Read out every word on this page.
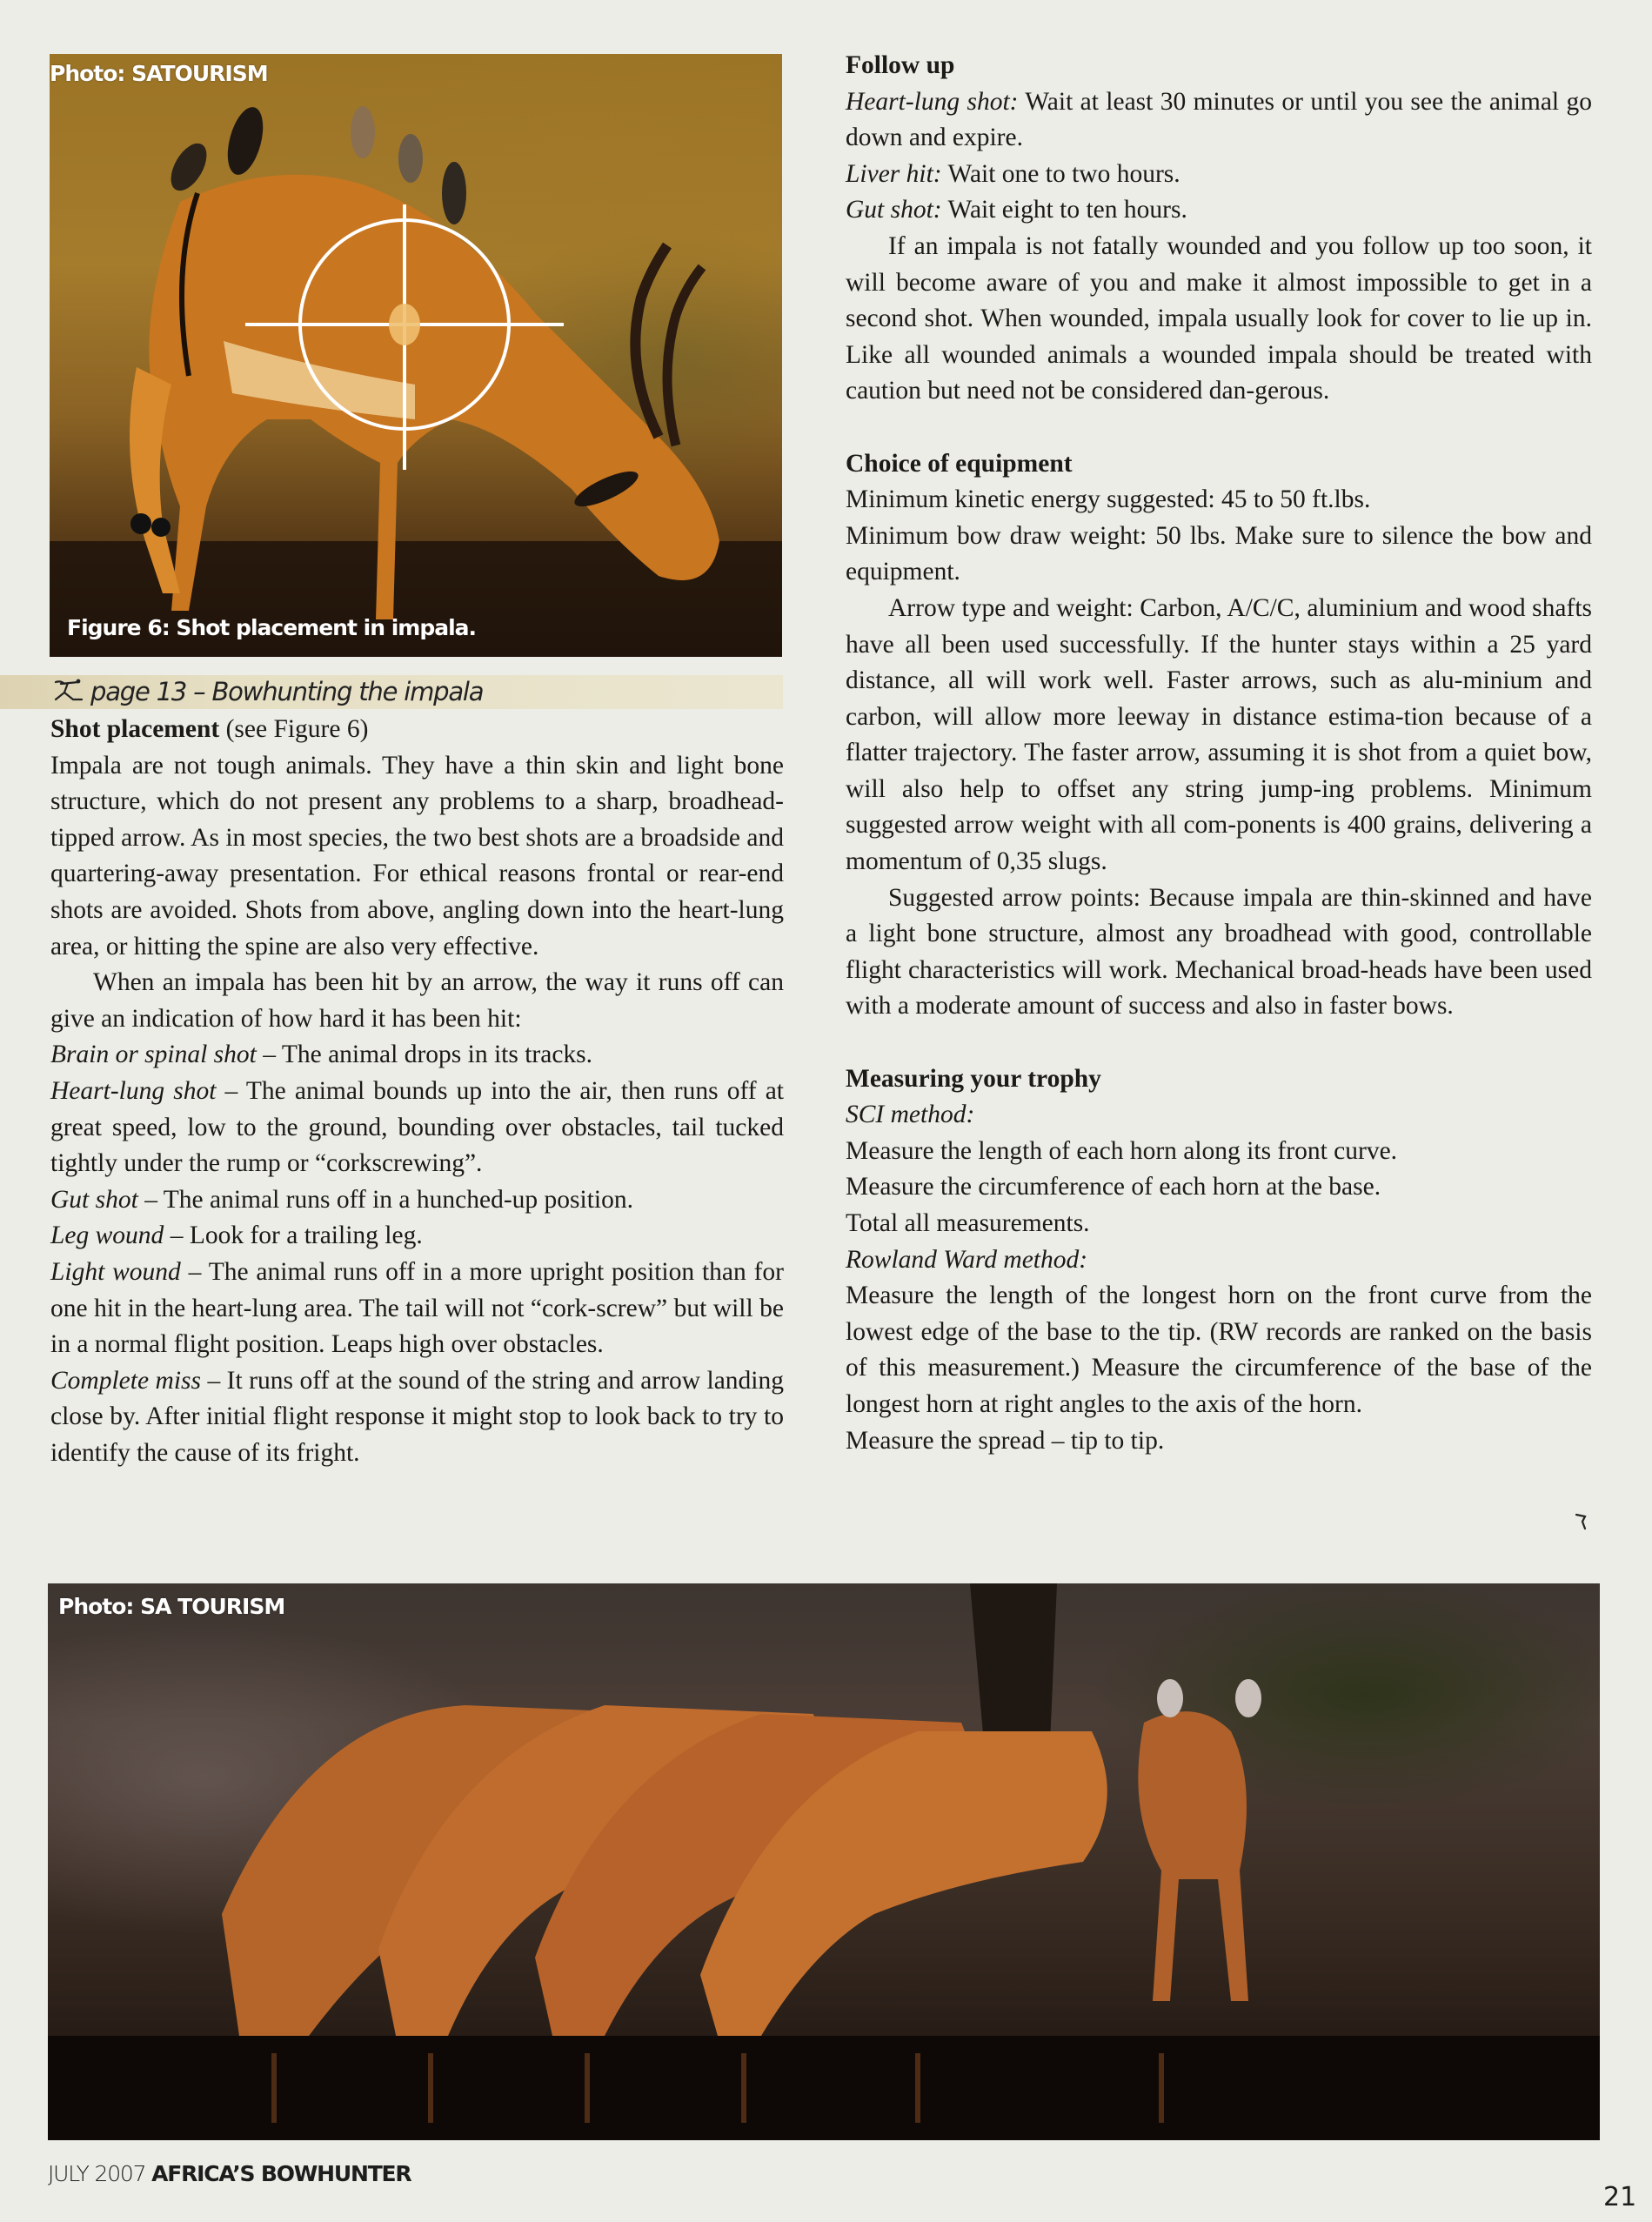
Photo: SATOURISM
Figure 6: Shot placement in impala.
page 13 – Bowhunting the impala

Shot placement (see Figure 6)

Impala are not tough animals. They have a thin skin and light bone structure, which do not present any problems to a sharp, broadhead-tipped arrow. As in most species, the two best shots are a broadside and quartering-away presentation. For ethical reasons frontal or rear-end shots are avoided. Shots from above, angling down into the heart-lung area, or hitting the spine are also very effective.

When an impala has been hit by an arrow, the way it runs off can give an indication of how hard it has been hit:

Brain or spinal shot – The animal drops in its tracks.

Heart-lung shot – The animal bounds up into the air, then runs off at great speed, low to the ground, bounding over obstacles, tail tucked tightly under the rump or “corkscrewing”.

Gut shot – The animal runs off in a hunched-up position.

Leg wound – Look for a trailing leg.

Light wound – The animal runs off in a more upright position than for one hit in the heart-lung area. The tail will not “cork-screw” but will be in a normal flight position. Leaps high over obstacles.

Complete miss – It runs off at the sound of the string and arrow landing close by. After initial flight response it might stop to look back to try to identify the cause of its fright.

Follow up

Heart-lung shot: Wait at least 30 minutes or until you see the animal go down and expire.

Liver hit: Wait one to two hours.

Gut shot: Wait eight to ten hours.

If an impala is not fatally wounded and you follow up too soon, it will become aware of you and make it almost impossible to get in a second shot. When wounded, impala usually look for cover to lie up in. Like all wounded animals a wounded impala should be treated with caution but need not be considered dan-gerous.

Choice of equipment

Minimum kinetic energy suggested: 45 to 50 ft.lbs.

Minimum bow draw weight: 50 lbs. Make sure to silence the bow and equipment.

Arrow type and weight: Carbon, A/C/C, aluminium and wood shafts have all been used successfully. If the hunter stays within a 25 yard distance, all will work well. Faster arrows, such as alu-minium and carbon, will allow more leeway in distance estima-tion because of a flatter trajectory. The faster arrow, assuming it is shot from a quiet bow, will also help to offset any string jump-ing problems. Minimum suggested arrow weight with all com-ponents is 400 grains, delivering a momentum of 0,35 slugs.

Suggested arrow points: Because impala are thin-skinned and have a light bone structure, almost any broadhead with good, controllable flight characteristics will work. Mechanical broad-heads have been used with a moderate amount of success and also in faster bows.

Measuring your trophy

SCI method:

Measure the length of each horn along its front curve.

Measure the circumference of each horn at the base.

Total all measurements.

Rowland Ward method:

Measure the length of the longest horn on the front curve from the lowest edge of the base to the tip. (RW records are ranked on the basis of this measurement.) Measure the circumference of the base of the longest horn at right angles to the axis of the horn.

Measure the spread – tip to tip.

Photo: SA TOURISM
JULY 2007 AFRICA’S BOWHUNTER
21
